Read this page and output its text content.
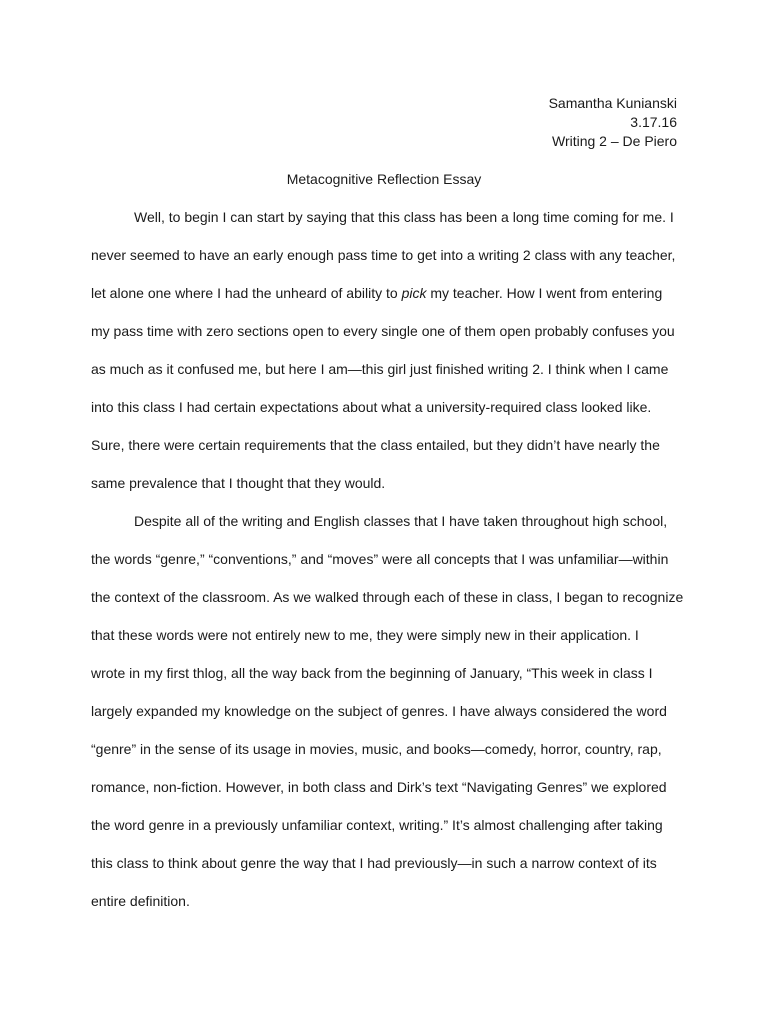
Samantha Kunianski
3.17.16
Writing 2 – De Piero
Metacognitive Reflection Essay
Well, to begin I can start by saying that this class has been a long time coming for me. I
never seemed to have an early enough pass time to get into a writing 2 class with any teacher,
let alone one where I had the unheard of ability to pick my teacher. How I went from entering
my pass time with zero sections open to every single one of them open probably confuses you
as much as it confused me, but here I am—this girl just finished writing 2. I think when I came
into this class I had certain expectations about what a university-required class looked like.
Sure, there were certain requirements that the class entailed, but they didn’t have nearly the
same prevalence that I thought that they would.
Despite all of the writing and English classes that I have taken throughout high school,
the words “genre,” “conventions,” and “moves” were all concepts that I was unfamiliar—within
the context of the classroom. As we walked through each of these in class, I began to recognize
that these words were not entirely new to me, they were simply new in their application. I
wrote in my first thlog, all the way back from the beginning of January, “This week in class I
largely expanded my knowledge on the subject of genres. I have always considered the word
“genre” in the sense of its usage in movies, music, and books—comedy, horror, country, rap,
romance, non-fiction. However, in both class and Dirk’s text “Navigating Genres” we explored
the word genre in a previously unfamiliar context, writing.” It’s almost challenging after taking
this class to think about genre the way that I had previously—in such a narrow context of its
entire definition.
